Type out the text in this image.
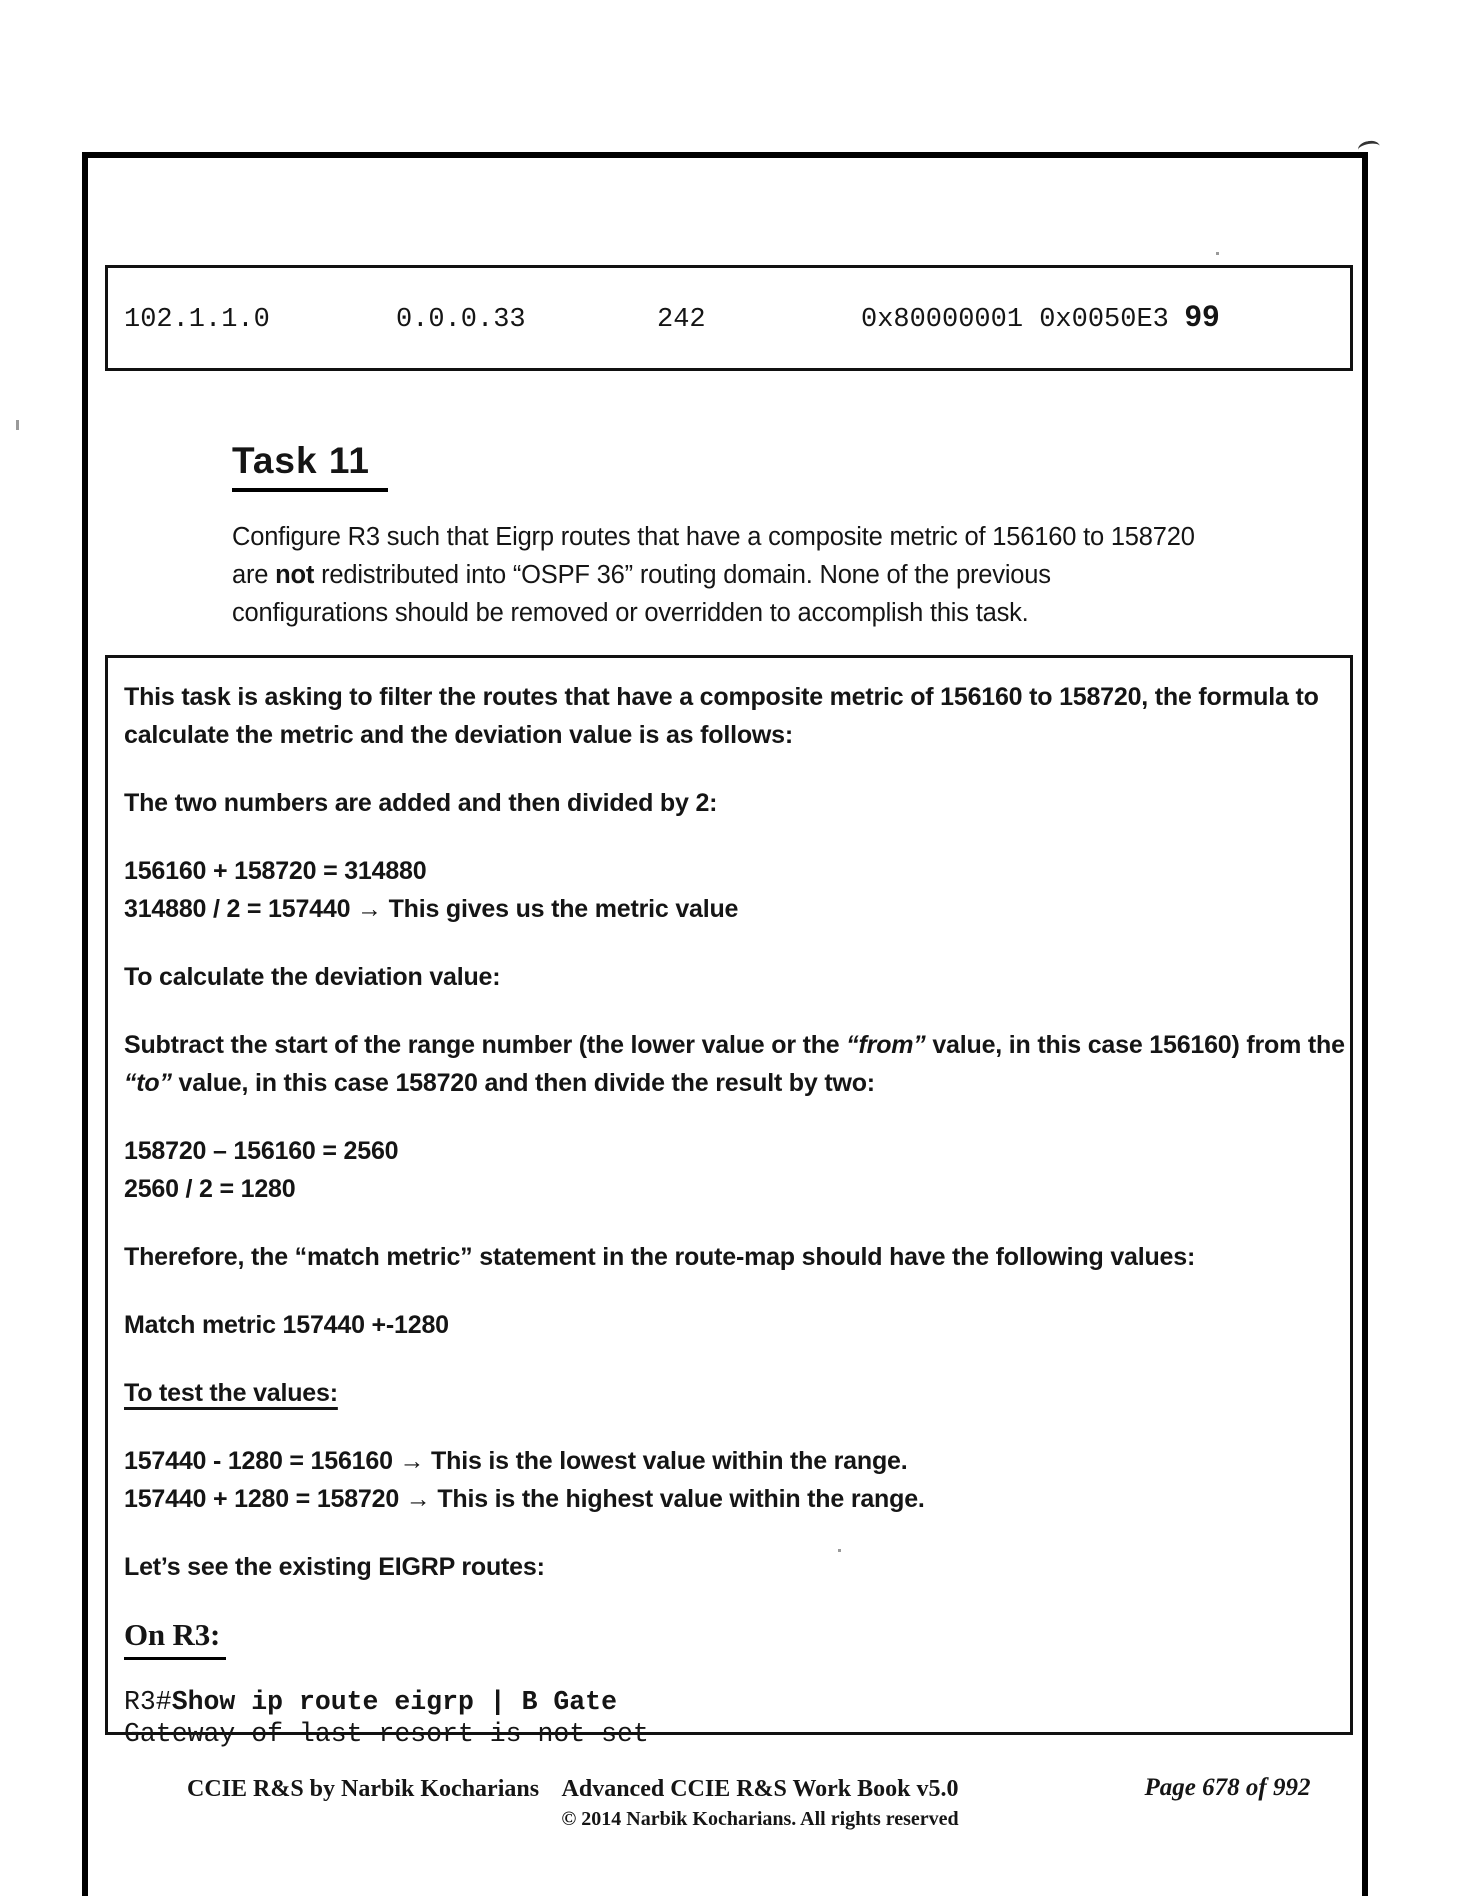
102.1.1.0	0.0.0.33	242	0x80000001 0x0050E3 99
Task 11
Configure R3 such that Eigrp routes that have a composite metric of 156160 to 158720
are not redistributed into “OSPF 36” routing domain. None of the previous
configurations should be removed or overridden to accomplish this task.
This task is asking to filter the routes that have a composite metric of 156160 to 158720, the formula to
calculate the metric and the deviation value is as follows:
The two numbers are added and then divided by 2:
156160 + 158720 = 314880
314880 / 2 = 157440 → This gives us the metric value
To calculate the deviation value:
Subtract the start of the range number (the lower value or the “from” value, in this case 156160) from the
“to” value, in this case 158720 and then divide the result by two:
158720 – 156160 = 2560
2560 / 2 = 1280
Therefore, the “match metric” statement in the route-map should have the following values:
Match metric 157440 +-1280
To test the values:
157440 - 1280 = 156160 → This is the lowest value within the range.
157440 + 1280 = 158720 → This is the highest value within the range.
Let’s see the existing EIGRP routes:
On R3:
R3#Show ip route eigrp | B Gate
Gateway of last resort is not set
CCIE R&S by Narbik Kocharians Advanced CCIE R&S Work Book v5.0	Page 678 of 992
© 2014 Narbik Kocharians. All rights reserved
